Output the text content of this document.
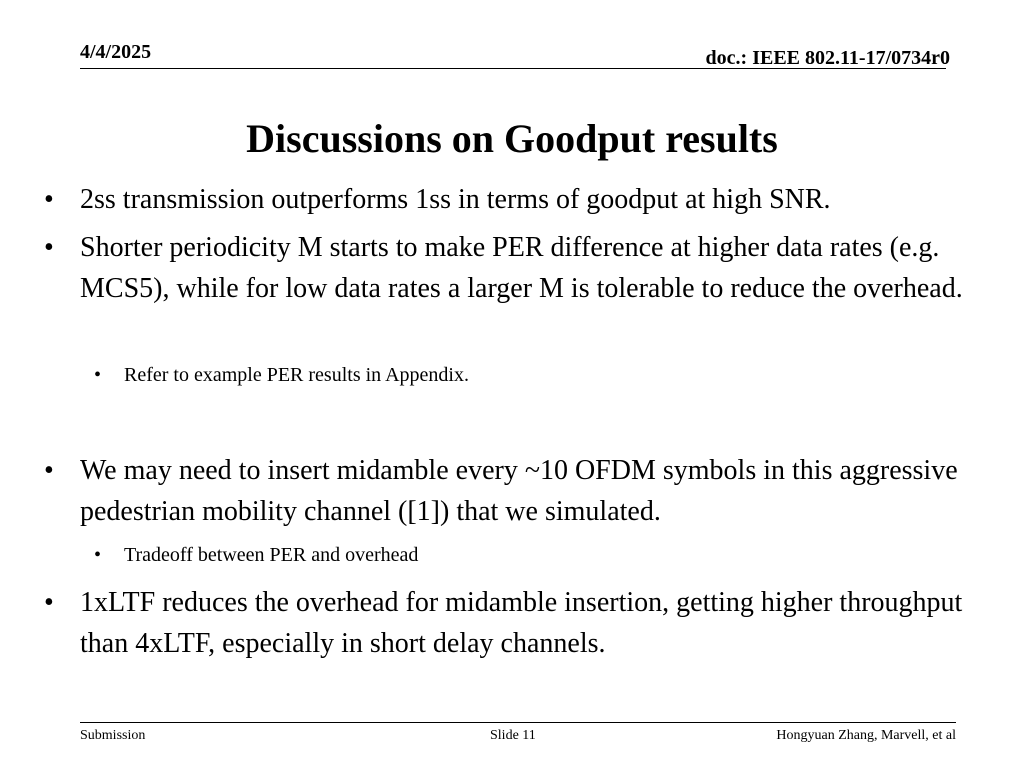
4/4/2025	doc.: IEEE 802.11-17/0734r0
Discussions on Goodput results
• 2ss transmission outperforms 1ss in terms of goodput at high SNR.
• Shorter periodicity M starts to make PER difference at higher data rates (e.g. MCS5), while for low data rates a larger M is tolerable to reduce the overhead.
• Refer to example PER results in Appendix.
• We may need to insert midamble every ~10 OFDM symbols in this aggressive pedestrian mobility channel ([1]) that we simulated.
• Tradeoff between PER and overhead
• 1xLTF reduces the overhead for midamble insertion, getting higher throughput than 4xLTF, especially in short delay channels.
Submission	Slide 11	Hongyuan Zhang, Marvell, et al
